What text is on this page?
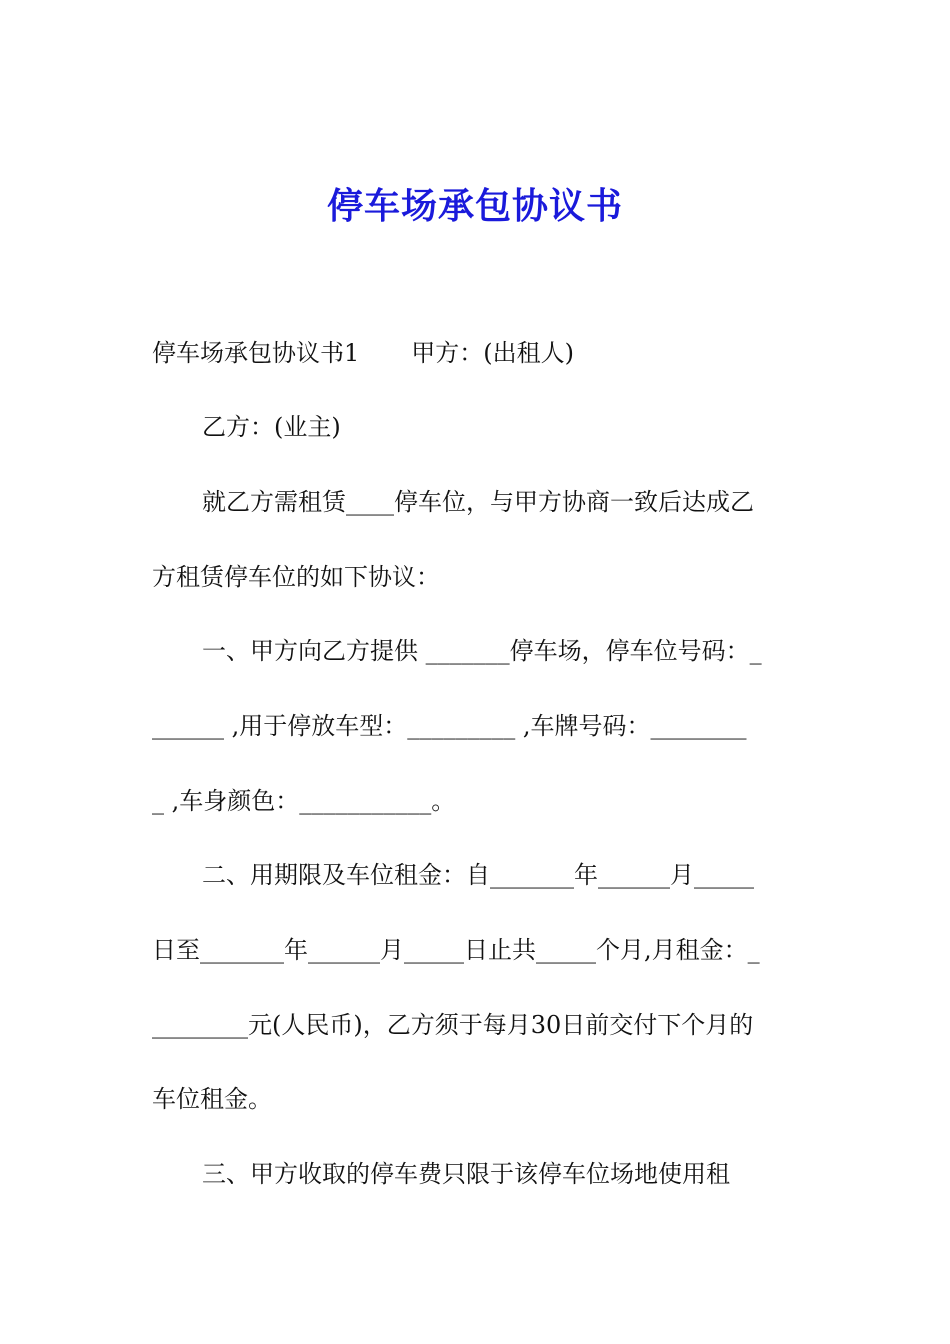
停车场承包协议书

停车场承包协议书1 甲方：(出租人)

乙方：(业主)

就乙方需租赁____停车位，与甲方协商一致后达成乙

方租赁停车位的如下协议：

一、甲方向乙方提供 _______停车场，停车位号码：_

______ ,用于停放车型：_________ ,车牌号码：________

_ ,车身颜色：___________。

二、用期限及车位租金：自_______年______月_____

日至_______年______月_____日止共_____个月,月租金：_

________元(人民币)，乙方须于每月30日前交付下个月的

车位租金。

三、甲方收取的停车费只限于该停车位场地使用租
